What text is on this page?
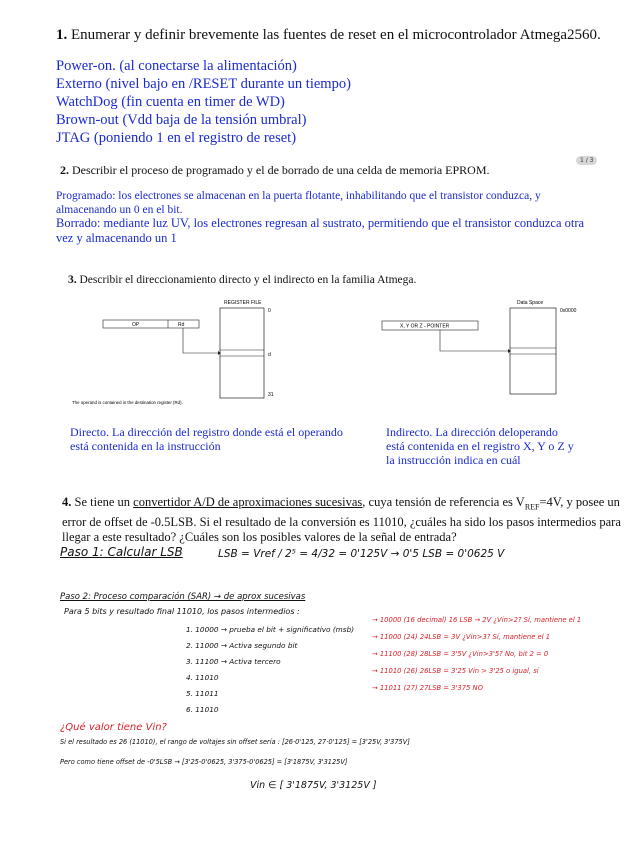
1. Enumerar y definir brevemente las fuentes de reset en el microcontrolador Atmega2560.
Power-on. (al conectarse la alimentación)
Externo (nivel bajo en /RESET durante un tiempo)
WatchDog (fin cuenta en timer de WD)
Brown-out (Vdd baja de la tensión umbral)
JTAG (poniendo 1 en el registro de reset)
1 / 3
2. Describir el proceso de programado y el de borrado de una celda de memoria EPROM.
Programado: los electrones se almacenan en la puerta flotante, inhabilitando que el transistor conduzca, y
almacenando un 0 en el bit.
Borrado: mediante luz UV, los electrones regresan al sustrato, permitiendo que el transistor conduzca otra
vez y almacenando un 1
3. Describir el direccionamiento directo y el indirecto en la familia Atmega.
REGISTER FILE
0
d
31
OP	Rd
The operand is contained in the destination register (Rd).
Data Space
0x0000
X, Y OR Z - POINTER
Directo. La dirección del registro donde está el operando
está contenida en la instrucción
Indirecto. La dirección deloperando
está contenida en el registro X, Y o Z y
la instrucción indica en cuál
4. Se tiene un convertidor A/D de aproximaciones sucesivas, cuya tensión de referencia es $V_{REF}=4V$, y posee un
error de offset de -0.5LSB. Si el resultado de la conversión es 11010, ¿cuáles ha sido los pasos intermedios para
llegar a este resultado? ¿Cuáles son los posibles valores de la señal de entrada?
Paso 1: Calcular LSB	LSB = Vref / 2⁵ = 4/32 = 0'125V → 0'5 LSB = 0'0625 V
Paso 2: Proceso comparación (SAR) → de aprox sucesivas
Para 5 bits y resultado final 11010, los pasos intermedios :
1. 10000 → prueba el bit + significativo (msb)
2. 11000 → Activa segundo bit
3. 11100 → Activa tercero
4. 11010
5. 11011
6. 11010
→ 10000 (16 decimal) 16 LSB → 2V ¿Vin>2? Sí, mantiene el 1
→ 11000 (24) 24LSB = 3V ¿Vin>3? Sí, mantiene el 1
→ 11100 (28) 28LSB = 3'5V ¿Vin>3'5? No, bit 2 = 0
→ 11010 (26) 26LSB = 3'25 Vin > 3'25 o igual, sí
→ 11011 (27) 27LSB = 3'375 NO
¿Qué valor tiene Vin?
Si el resultado es 26 (11010), el rango de voltajes sin offset sería : [26·0'125, 27·0'125] = [3'25V, 3'375V]
Pero como tiene offset de -0'5LSB → [3'25-0'0625, 3'375-0'0625] = [3'1875V, 3'3125V]
Vin ∈ [ 3'1875V, 3'3125V ]
